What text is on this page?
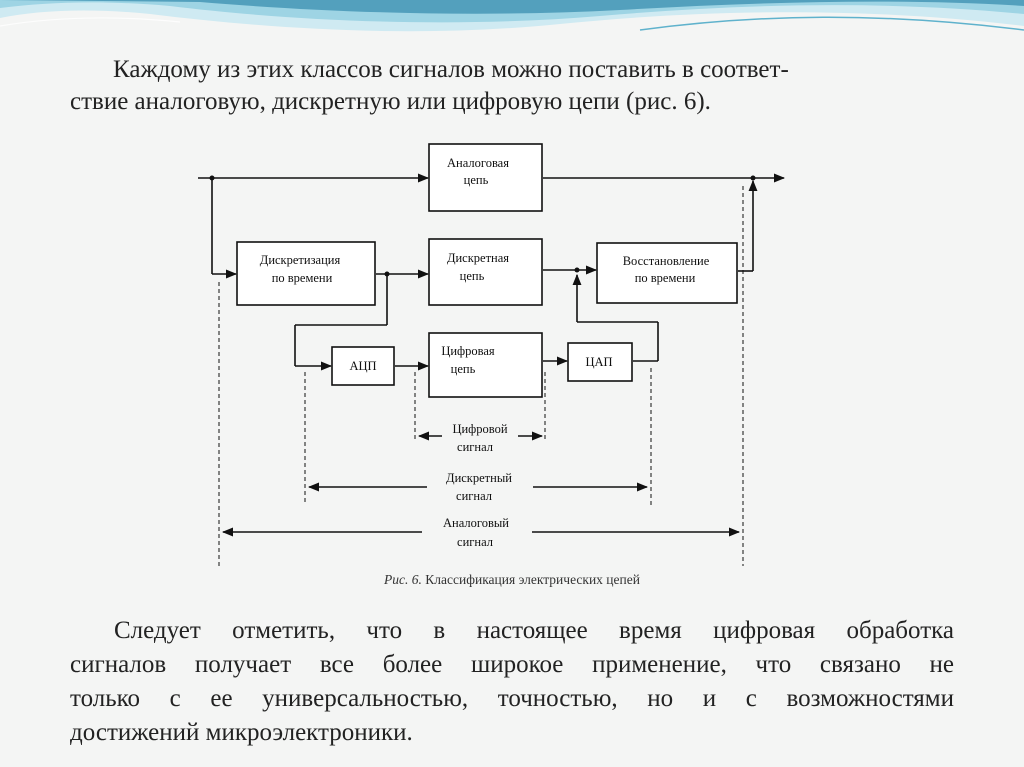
Каждому из этих классов сигналов можно поставить в соответ-
ствие аналоговую, дискретную или цифровую цепи (рис. 6).
Аналоговая
цепь
Дискретизация
по времени
Дискретная
цепь
Восстановление
по времени
АЦП
Цифровая
цепь	ЦАП
Цифровой
сигнал
Дискретный
сигнал
Аналоговый
сигнал
Рис. 6. Классификация электрических цепей
Следует отметить, что в настоящее время цифровая обработка
сигналов получает все более широкое применение, что связано не
только с ее универсальностью, точностью, но и с возможностями
достижений микроэлектроники.
